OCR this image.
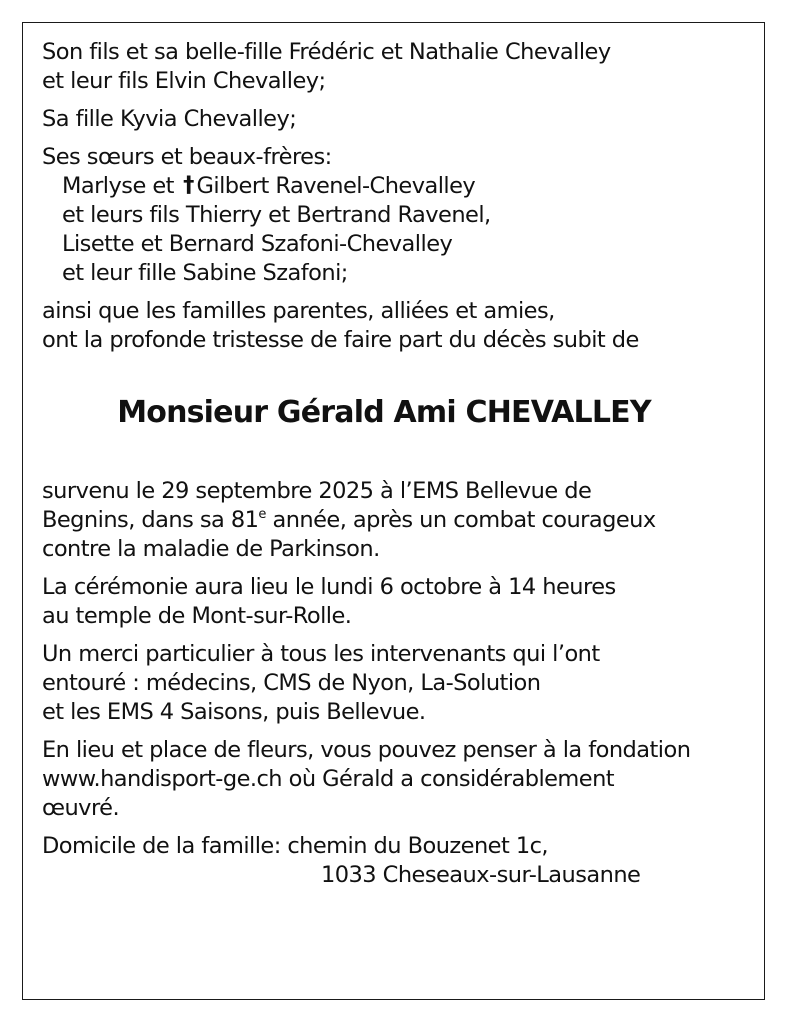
Son fils et sa belle-fille Frédéric et Nathalie Chevalley
et leur fils Elvin Chevalley;
Sa fille Kyvia Chevalley;
Ses sœurs et beaux-frères:
Marlyse et † Gilbert Ravenel-Chevalley
et leurs fils Thierry et Bertrand Ravenel,
Lisette et Bernard Szafoni-Chevalley
et leur fille Sabine Szafoni;
ainsi que les familles parentes, alliées et amies,
ont la profonde tristesse de faire part du décès subit de
Monsieur Gérald Ami CHEVALLEY
survenu le 29 septembre 2025 à l’EMS Bellevue de
Begnins, dans sa 81e année, après un combat courageux
contre la maladie de Parkinson.
La cérémonie aura lieu le lundi 6 octobre à 14 heures
au temple de Mont-sur-Rolle.
Un merci particulier à tous les intervenants qui l’ont
entouré : médecins, CMS de Nyon, La-Solution
et les EMS 4 Saisons, puis Bellevue.
En lieu et place de fleurs, vous pouvez penser à la fondation
www.handisport-ge.ch où Gérald a considérablement
œuvré.
Domicile de la famille: chemin du Bouzenet 1c,
1033 Cheseaux-sur-Lausanne
